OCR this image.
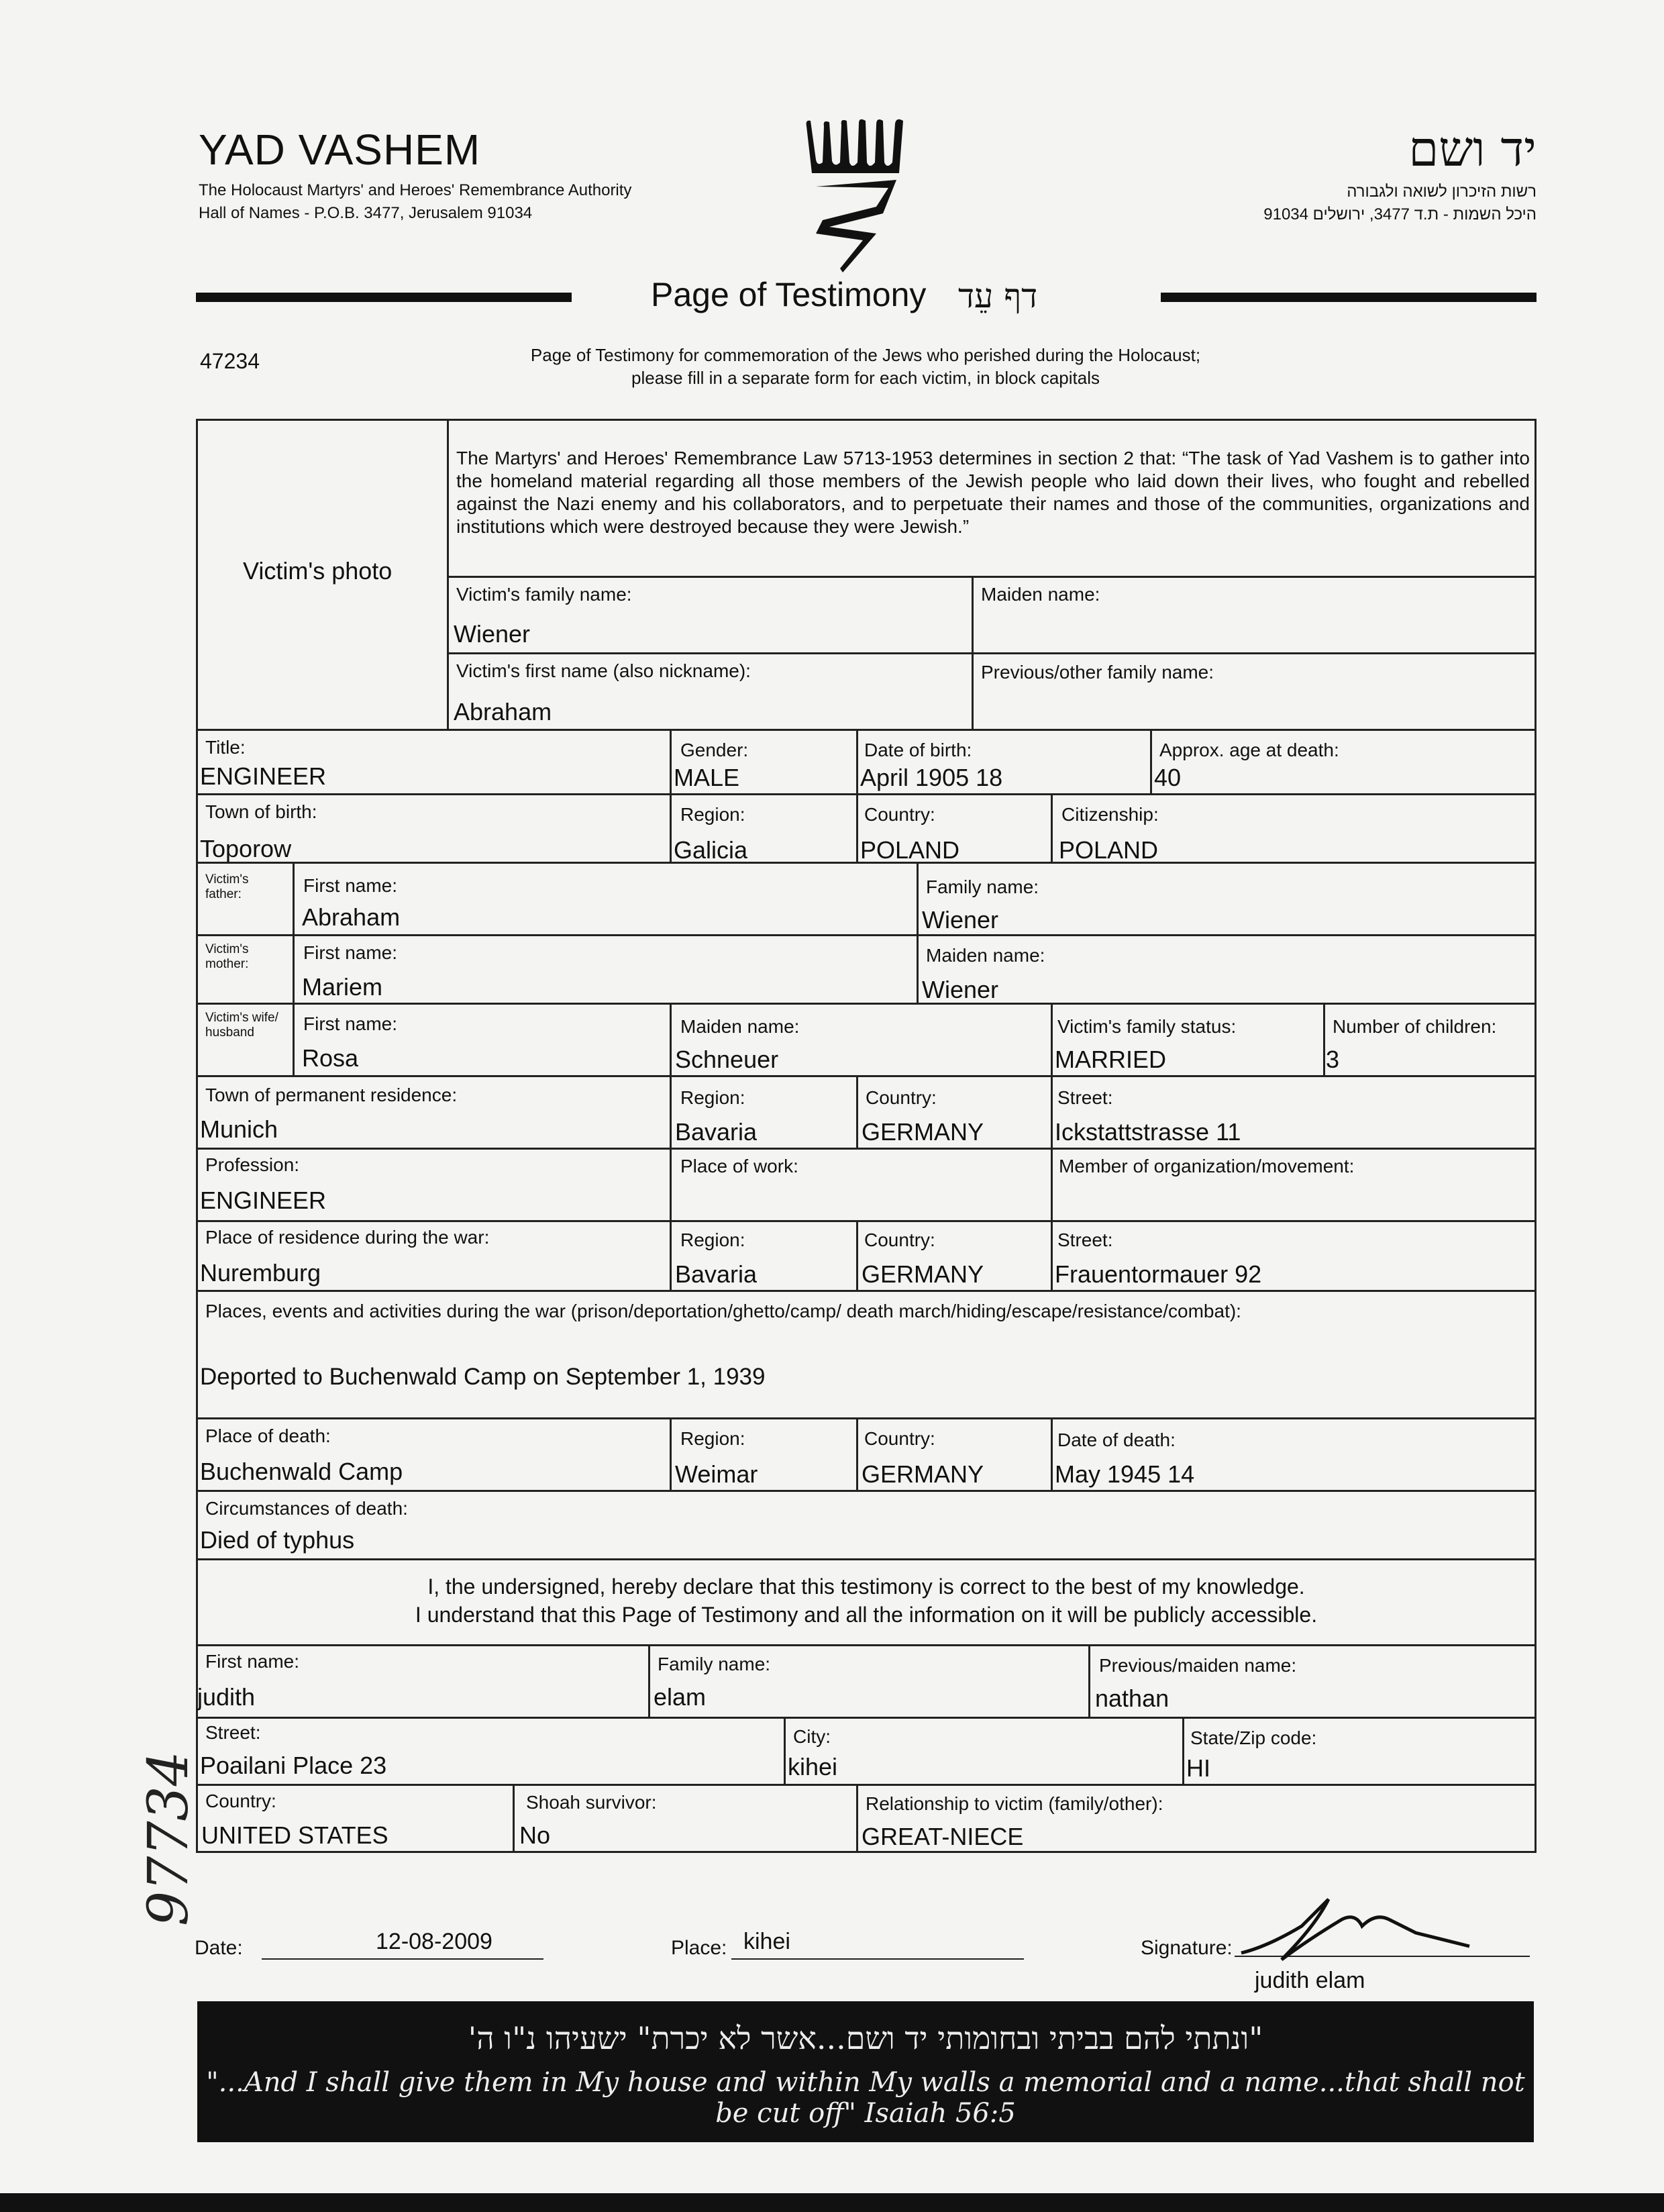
YAD VASHEM
The Holocaust Martyrs' and Heroes' Remembrance Authority
Hall of Names - P.O.B. 3477, Jerusalem 91034
יד ושם
רשות הזיכרון לשואה ולגבורה
היכל השמות - ת.ד 3477, ירושלים 91034
Page of Testimony דף עֵד
47234	Page of Testimony for commemoration of the Jews who perished during the Holocaust;
please fill in a separate form for each victim, in block capitals
The Martyrs' and Heroes' Remembrance Law 5713-1953 determines in section 2 that: “The task of Yad Vashem is to gather into the homeland material regarding all those members of the Jewish people who laid down their lives, who fought and rebelled against the Nazi enemy and his collaborators, and to perpetuate their names and those of the communities, organizations and institutions which were destroyed because they were Jewish.”
Victim's photo
Victim's family name:
Wiener
Maiden name:
Victim's first name (also nickname):
Abraham
Previous/other family name:
Title:
ENGINEER
Gender:
MALE
Date of birth:
April 1905 18
Approx. age at death:
40
Town of birth:
Toporow
Region:
Galicia
Country:
POLAND
Citizenship:
POLAND
Victim's father:	First name:
Abraham
Family name:
Wiener
Victim's mother:
First name:
Mariem
Maiden name:
Wiener
Victim's wife/ husband	First name:
Rosa
Maiden name:
Schneuer
Victim's family status:
MARRIED
Number of children:
3
Town of permanent residence:
Munich
Region:
Bavaria
Country:
GERMANY
Street:
Ickstattstrasse 11
Profession:
ENGINEER
Place of work:	Member of organization/movement:
Place of residence during the war:
Nuremburg
Region:
Bavaria
Country:
GERMANY
Street:
Frauentormauer 92
Places, events and activities during the war (prison/deportation/ghetto/camp/ death march/hiding/escape/resistance/combat):
Deported to Buchenwald Camp on September 1, 1939
Place of death:
Buchenwald Camp
Region:
Weimar
Country:
GERMANY
Date of death:
May 1945 14
Circumstances of death:
Died of typhus
I, the undersigned, hereby declare that this testimony is correct to the best of my knowledge.
I understand that this Page of Testimony and all the information on it will be publicly accessible.
First name:
judith
Family name:
elam
Previous/maiden name:
nathan
Street:
Poailani Place 23
City:
kihei
State/Zip code:
HI
Country:
UNITED STATES
Shoah survivor:
No
Relationship to victim (family/other):
GREAT-NIECE
Date:	12-08-2009	Place: kihei	Signature:
judith elam
97734
"ונתתי להם בביתי ובחומותי יד ושם...אשר לא יכרת" ישעיהו נ"ו ה'
"...And I shall give them in My house and within My walls a memorial and a name...that shall not be cut off" Isaiah 56:5
